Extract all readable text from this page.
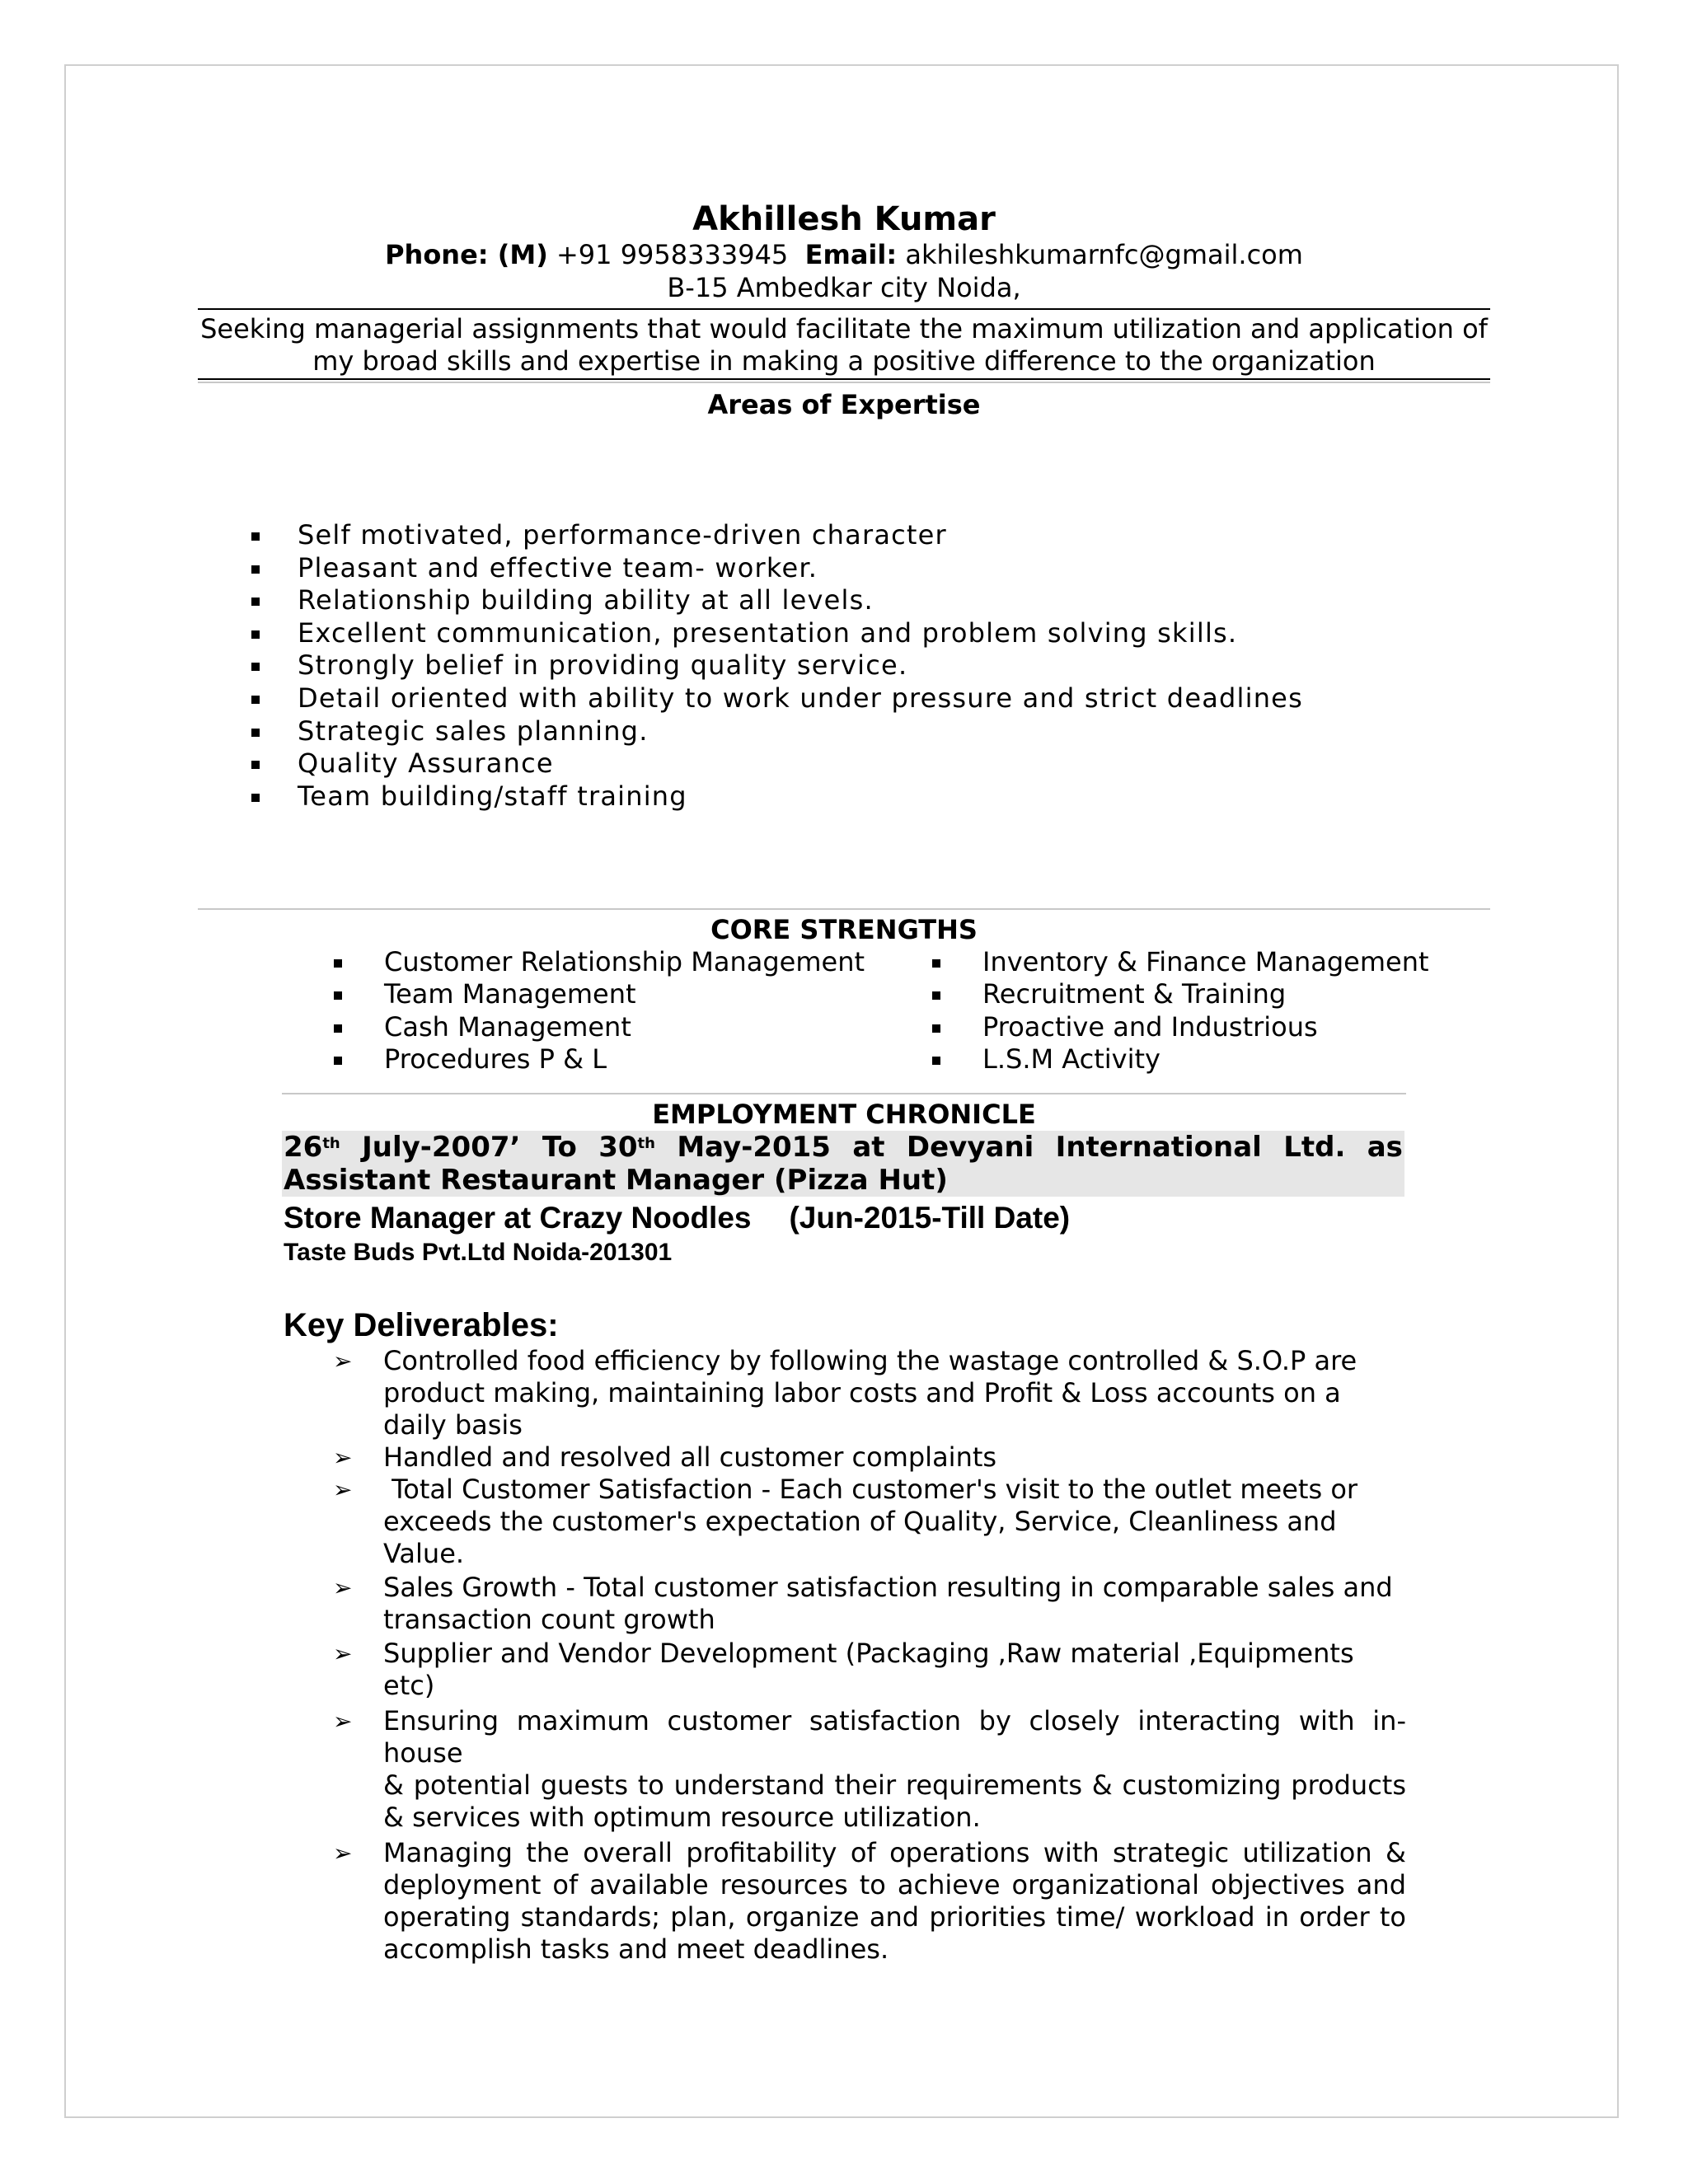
Akhillesh Kumar
Phone: (M) +91 9958333945 Email: akhileshkumarnfc@gmail.com
B-15 Ambedkar city Noida,
Seeking managerial assignments that would facilitate the maximum utilization and application of
my broad skills and expertise in making a positive difference to the organization
Areas of Expertise
Self motivated, performance-driven character
Pleasant and effective team- worker.
Relationship building ability at all levels.
Excellent communication, presentation and problem solving skills.
Strongly belief in providing quality service.
Detail oriented with ability to work under pressure and strict deadlines
Strategic sales planning.
Quality Assurance
Team building/staff training
CORE STRENGTHS
Customer Relationship Management
Team Management
Cash Management
Procedures P & L
Inventory & Finance Management
Recruitment & Training
Proactive and Industrious
L.S.M Activity
EMPLOYMENT CHRONICLE
26th July-2007’ To 30th May-2015 at Devyani International Ltd. as
Assistant Restaurant Manager (Pizza Hut)
Store Manager at Crazy Noodles (Jun-2015-Till Date)
Taste Buds Pvt.Ltd Noida-201301
Key Deliverables:
➢ Controlled food efficiency by following the wastage controlled & S.O.P are
product making, maintaining labor costs and Profit & Loss accounts on a
daily basis
➢ Handled and resolved all customer complaints
➢ Total Customer Satisfaction - Each customer's visit to the outlet meets or
exceeds the customer's expectation of Quality, Service, Cleanliness and
Value.
➢ Sales Growth - Total customer satisfaction resulting in comparable sales and
transaction count growth
➢ Supplier and Vendor Development (Packaging ,Raw material ,Equipments
etc)
➢ Ensuring maximum customer satisfaction by closely interacting with in-house
& potential guests to understand their requirements & customizing products
& services with optimum resource utilization.
➢ Managing the overall profitability of operations with strategic utilization &
deployment of available resources to achieve organizational objectives and
operating standards; plan, organize and priorities time/ workload in order to
accomplish tasks and meet deadlines.
